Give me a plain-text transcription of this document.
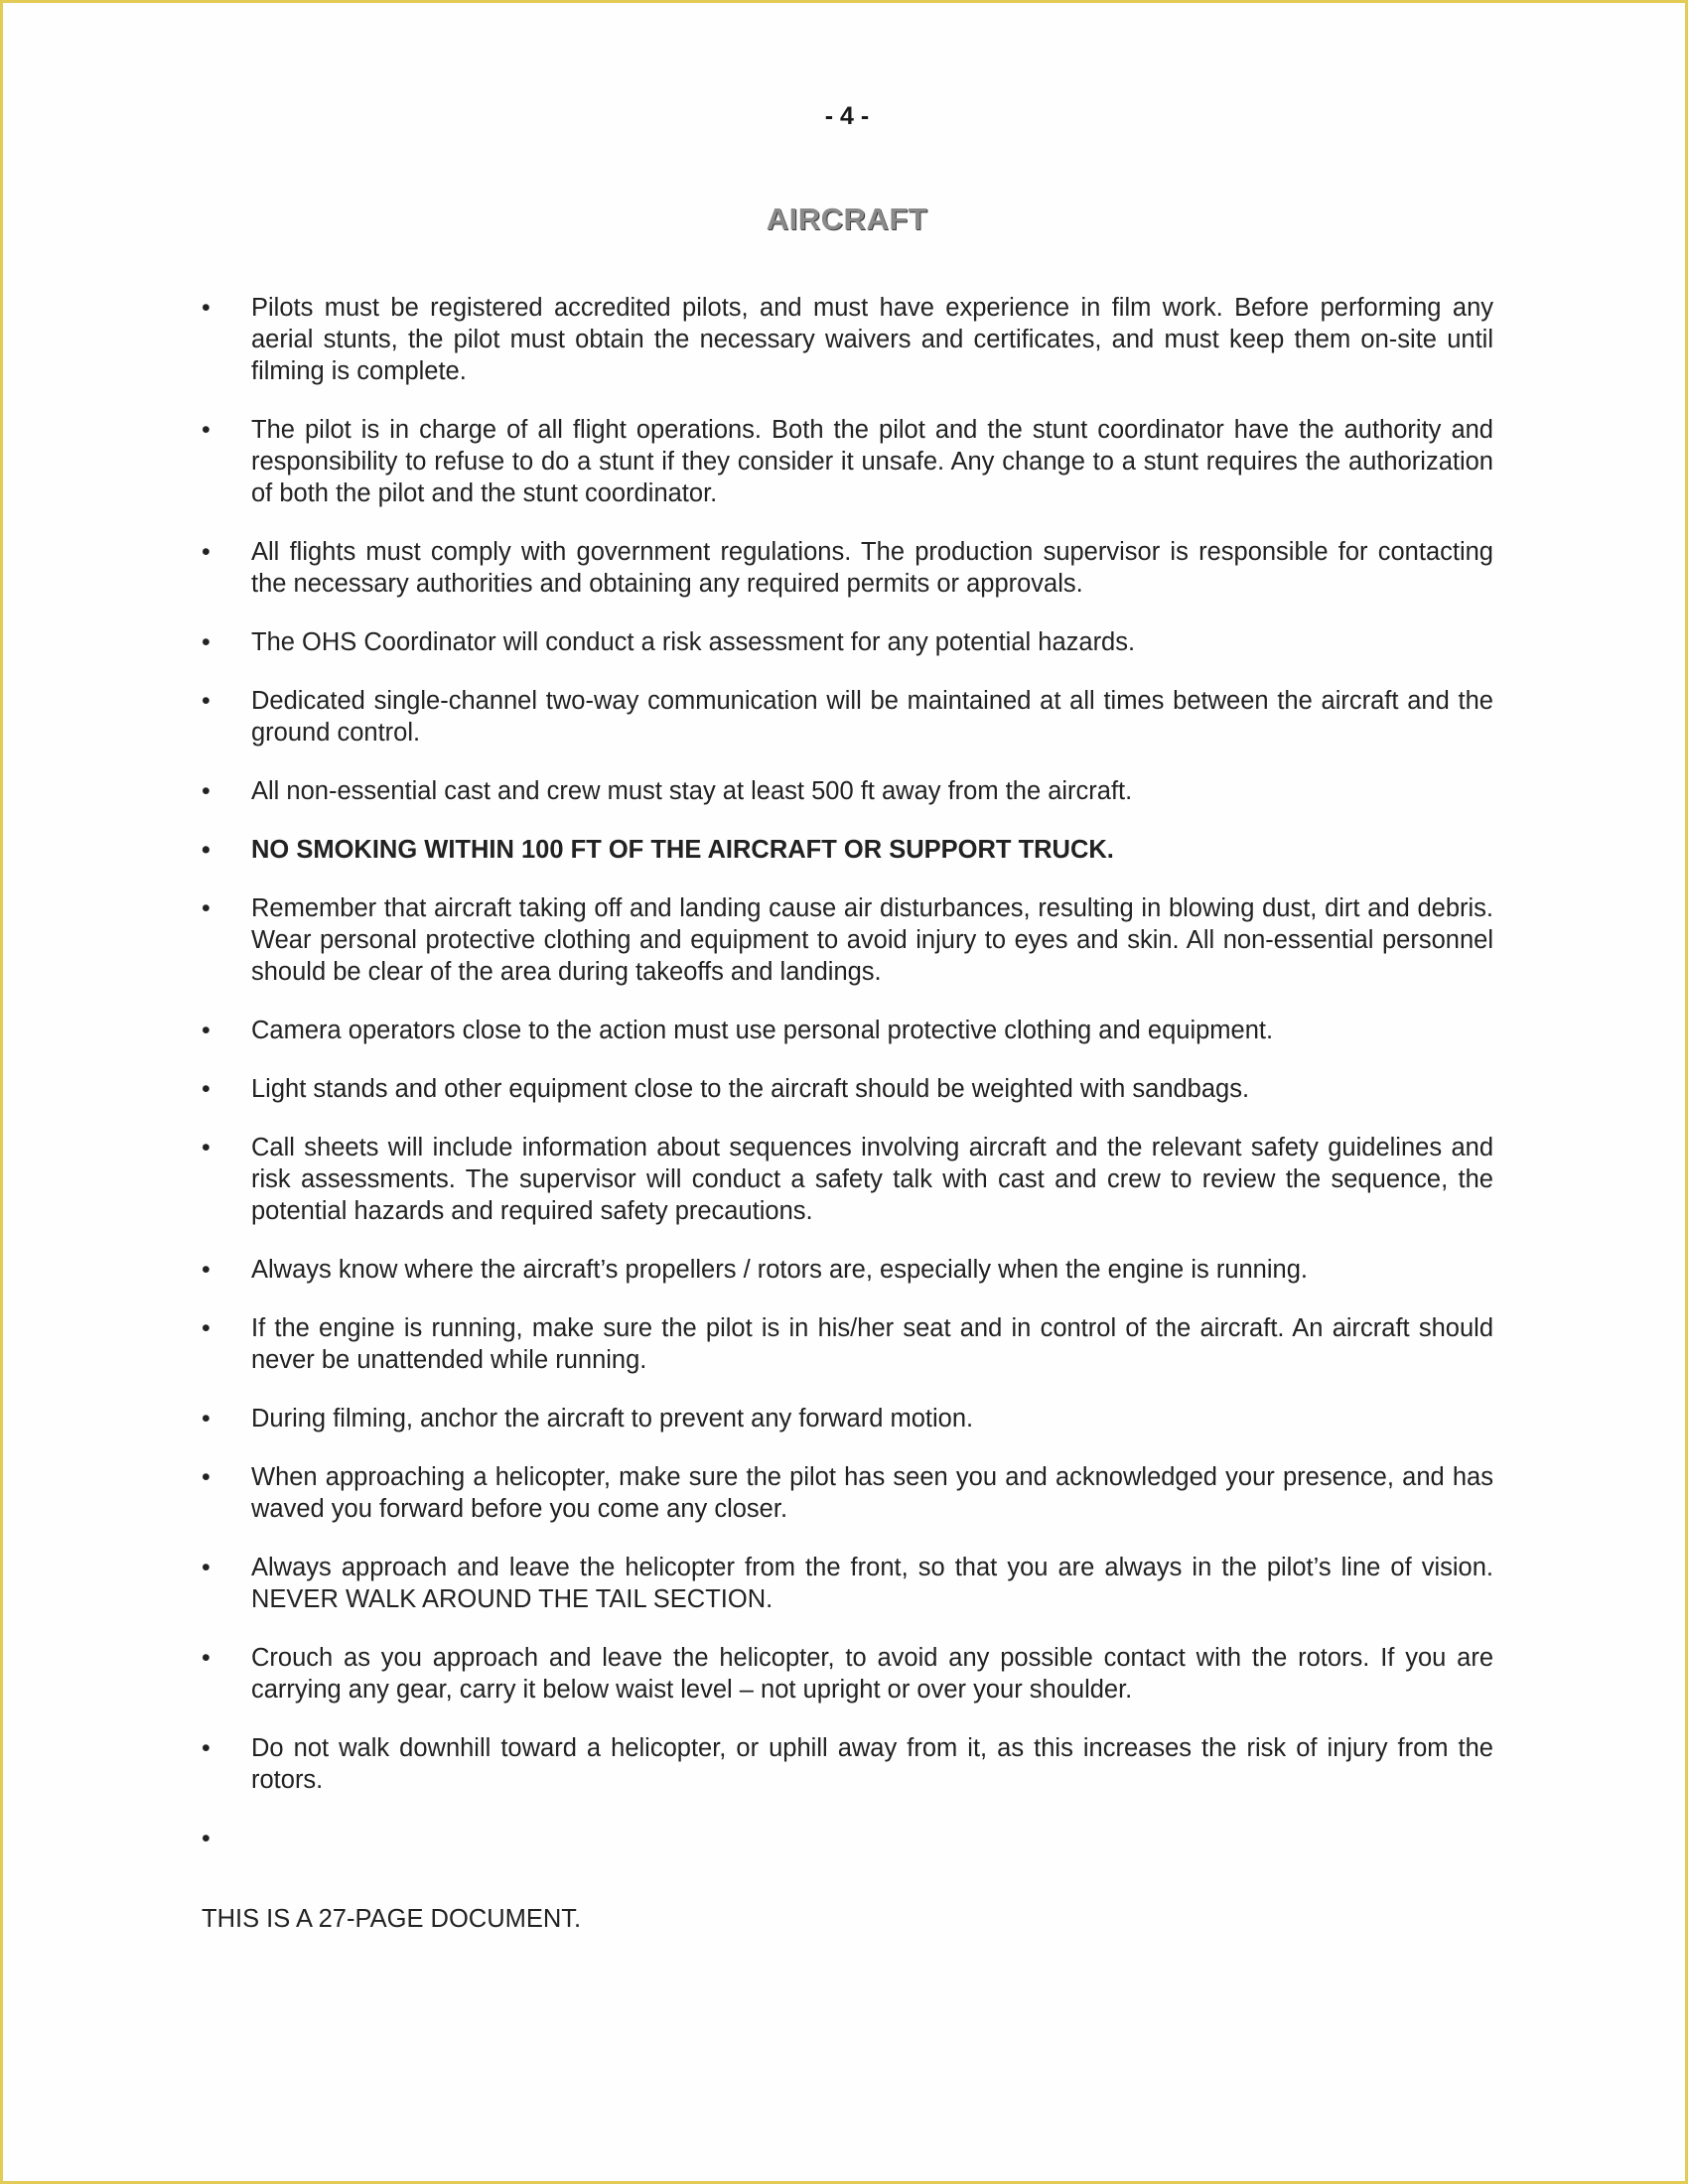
- 4 -
AIRCRAFT
• Pilots must be registered accredited pilots, and must have experience in film work. Before performing any aerial stunts, the pilot must obtain the necessary waivers and certificates, and must keep them on-site until filming is complete.
• The pilot is in charge of all flight operations. Both the pilot and the stunt coordinator have the authority and responsibility to refuse to do a stunt if they consider it unsafe. Any change to a stunt requires the authorization of both the pilot and the stunt coordinator.
• All flights must comply with government regulations. The production supervisor is responsible for contacting the necessary authorities and obtaining any required permits or approvals.
• The OHS Coordinator will conduct a risk assessment for any potential hazards.
• Dedicated single-channel two-way communication will be maintained at all times between the aircraft and the ground control.
• All non-essential cast and crew must stay at least 500 ft away from the aircraft.
• NO SMOKING WITHIN 100 FT OF THE AIRCRAFT OR SUPPORT TRUCK.
• Remember that aircraft taking off and landing cause air disturbances, resulting in blowing dust, dirt and debris. Wear personal protective clothing and equipment to avoid injury to eyes and skin. All non-essential personnel should be clear of the area during takeoffs and landings.
• Camera operators close to the action must use personal protective clothing and equipment.
• Light stands and other equipment close to the aircraft should be weighted with sandbags.
• Call sheets will include information about sequences involving aircraft and the relevant safety guidelines and risk assessments. The supervisor will conduct a safety talk with cast and crew to review the sequence, the potential hazards and required safety precautions.
• Always know where the aircraft’s propellers / rotors are, especially when the engine is running.
• If the engine is running, make sure the pilot is in his/her seat and in control of the aircraft. An aircraft should never be unattended while running.
• During filming, anchor the aircraft to prevent any forward motion.
• When approaching a helicopter, make sure the pilot has seen you and acknowledged your presence, and has waved you forward before you come any closer.
• Always approach and leave the helicopter from the front, so that you are always in the pilot’s line of vision. NEVER WALK AROUND THE TAIL SECTION.
• Crouch as you approach and leave the helicopter, to avoid any possible contact with the rotors. If you are carrying any gear, carry it below waist level – not upright or over your shoulder.
• Do not walk downhill toward a helicopter, or uphill away from it, as this increases the risk of injury from the rotors.
•
THIS IS A 27-PAGE DOCUMENT.
